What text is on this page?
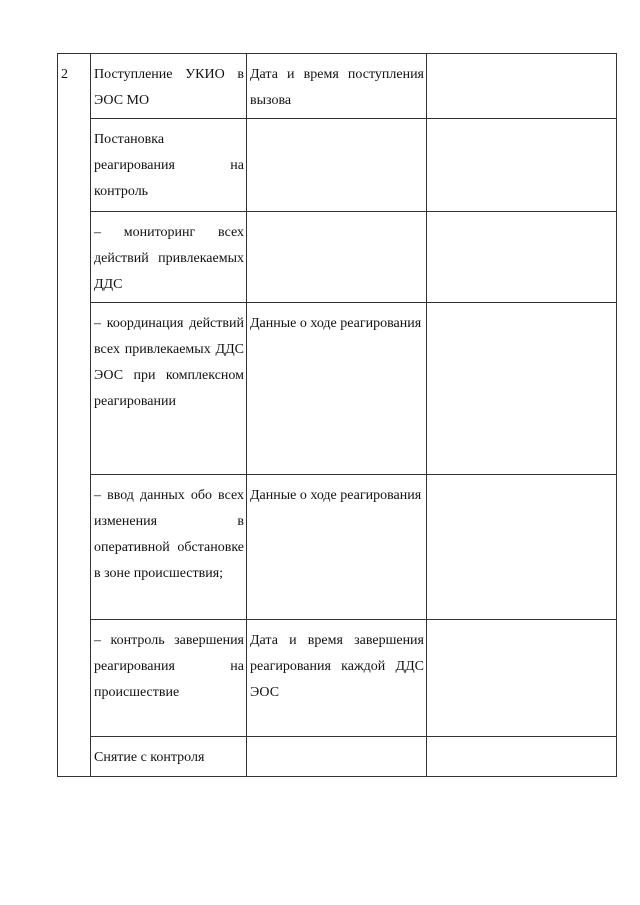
2	Поступление УКИО в ЭОС МО	Дата и время поступления вызова	
	Постановка реагирования на контроль		
	– мониторинг всех действий привлекаемых ДДС		
	– координация действий всех привлекаемых ДДС ЭОС при комплексном реагировании	Данные о ходе реагирования	
	– ввод данных обо всех изменения в оперативной обстановке в зоне происшествия;	Данные о ходе реагирования	
	– контроль завершения реагирования на происшествие	Дата и время завершения реагирования каждой ДДС ЭОС	
	Снятие с контроля		
